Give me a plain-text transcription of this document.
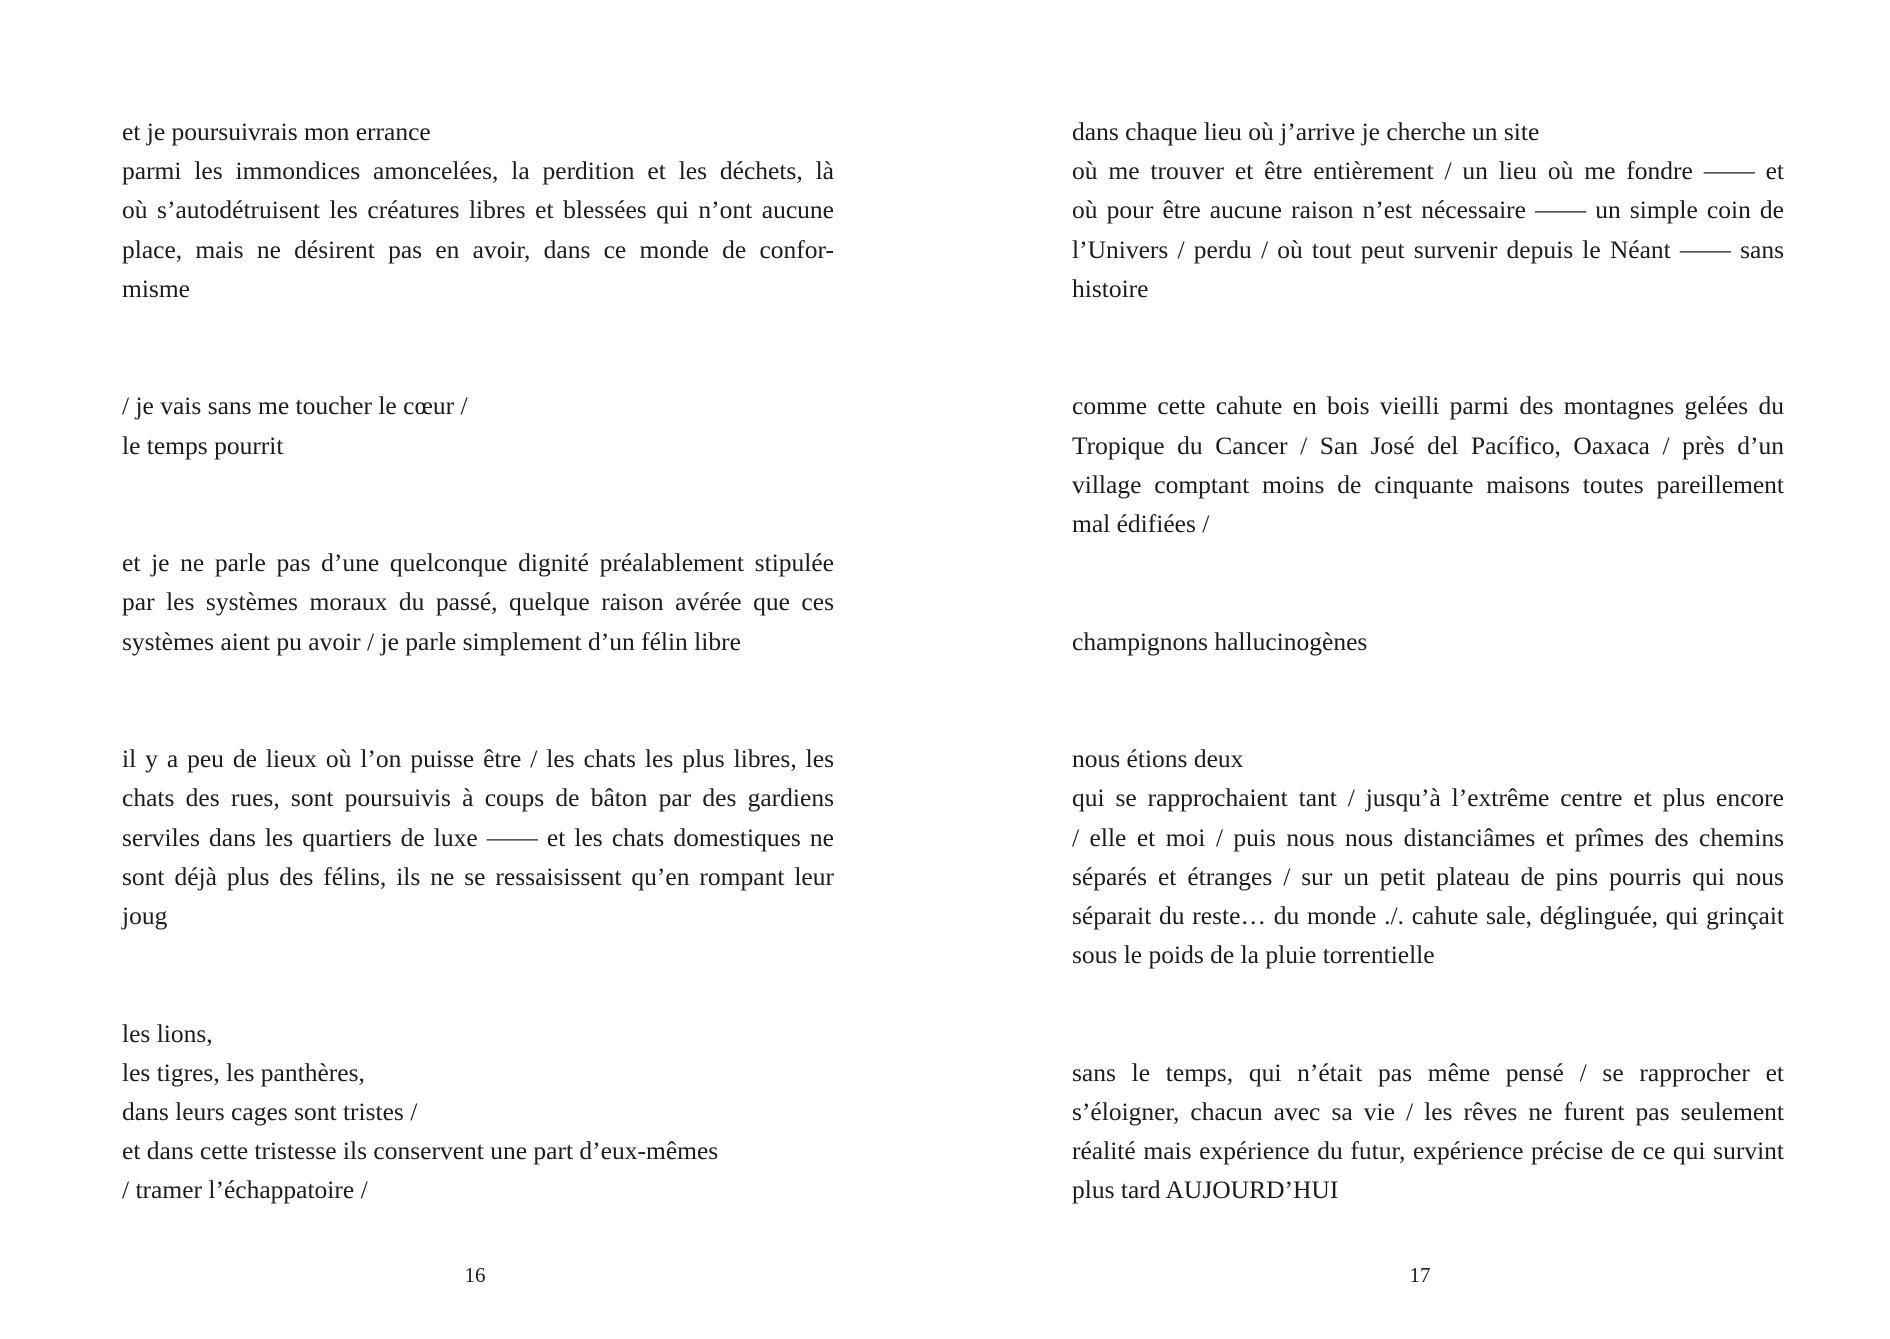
et je poursuivrais mon errance
parmi les immondices amoncelées, la perdition et les déchets, là
où s’autodétruisent les créatures libres et blessées qui n’ont aucune
place, mais ne désirent pas en avoir, dans ce monde de confor-
misme

/ je vais sans me toucher le cœur /
le temps pourrit

et je ne parle pas d’une quelconque dignité préalablement stipulée
par les systèmes moraux du passé, quelque raison avérée que ces
systèmes aient pu avoir / je parle simplement d’un félin libre

il y a peu de lieux où l’on puisse être / les chats les plus libres, les
chats des rues, sont poursuivis à coups de bâton par des gardiens
serviles dans les quartiers de luxe —— et les chats domestiques ne
sont déjà plus des félins, ils ne se ressaisissent qu’en rompant leur
joug

les lions,
les tigres, les panthères,
dans leurs cages sont tristes /
et dans cette tristesse ils conservent une part d’eux-mêmes
/ tramer l’échappatoire /

16

dans chaque lieu où j’arrive je cherche un site
où me trouver et être entièrement / un lieu où me fondre —— et
où pour être aucune raison n’est nécessaire —— un simple coin de
l’Univers / perdu / où tout peut survenir depuis le Néant —— sans
histoire

comme cette cahute en bois vieilli parmi des montagnes gelées du
Tropique du Cancer / San José del Pacífico, Oaxaca / près d’un
village comptant moins de cinquante maisons toutes pareillement
mal édifiées /

champignons hallucinogènes

nous étions deux
qui se rapprochaient tant / jusqu’à l’extrême centre et plus encore
/ elle et moi / puis nous nous distanciâmes et prîmes des chemins
séparés et étranges / sur un petit plateau de pins pourris qui nous
séparait du reste… du monde ./. cahute sale, déglinguée, qui grinçait
sous le poids de la pluie torrentielle

sans le temps, qui n’était pas même pensé / se rapprocher et
s’éloigner, chacun avec sa vie / les rêves ne furent pas seulement
réalité mais expérience du futur, expérience précise de ce qui survint
plus tard AUJOURD’HUI

17
